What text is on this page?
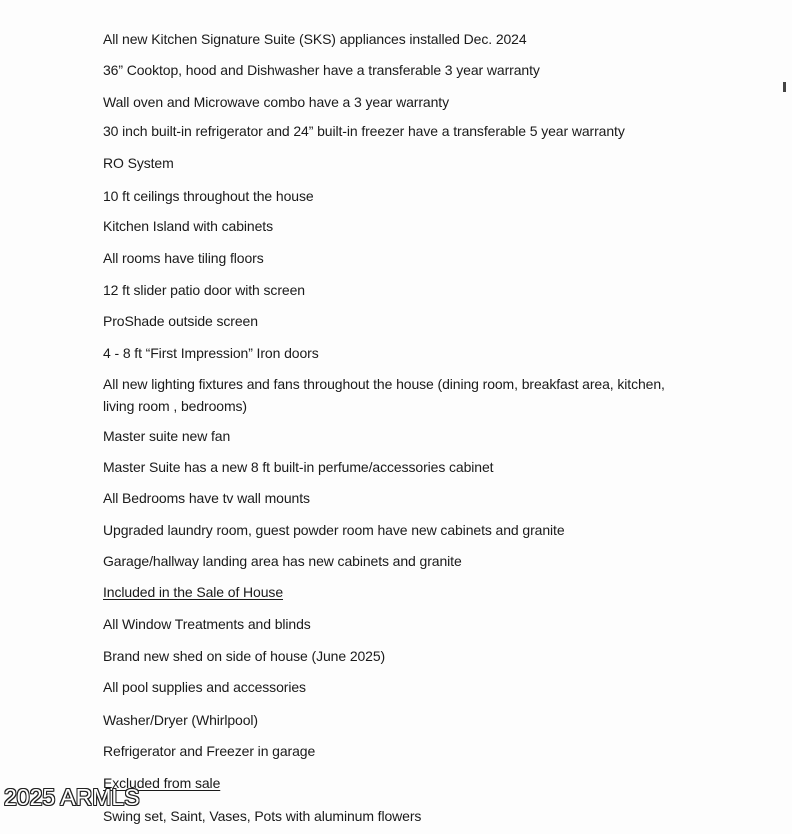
All new Kitchen Signature Suite (SKS) appliances installed Dec. 2024
36” Cooktop, hood and Dishwasher have a transferable 3 year warranty
Wall oven and Microwave combo have a 3 year warranty
30 inch built-in refrigerator and 24” built-in freezer have a transferable 5 year warranty
RO System
10 ft ceilings throughout the house
Kitchen Island with cabinets
All rooms have tiling floors
12 ft slider patio door with screen
ProShade outside screen
4 - 8 ft “First Impression” Iron doors
All new lighting fixtures and fans throughout the house (dining room, breakfast area, kitchen,
living room , bedrooms)
Master suite new fan
Master Suite has a new 8 ft built-in perfume/accessories cabinet
All Bedrooms have tv wall mounts
Upgraded laundry room, guest powder room have new cabinets and granite
Garage/hallway landing area has new cabinets and granite
Included in the Sale of House
All Window Treatments and blinds
Brand new shed on side of house (June 2025)
All pool supplies and accessories
Washer/Dryer (Whirlpool)
Refrigerator and Freezer in garage
Excluded from sale
Swing set, Saint, Vases, Pots with aluminum flowers
2025 ARMLS
